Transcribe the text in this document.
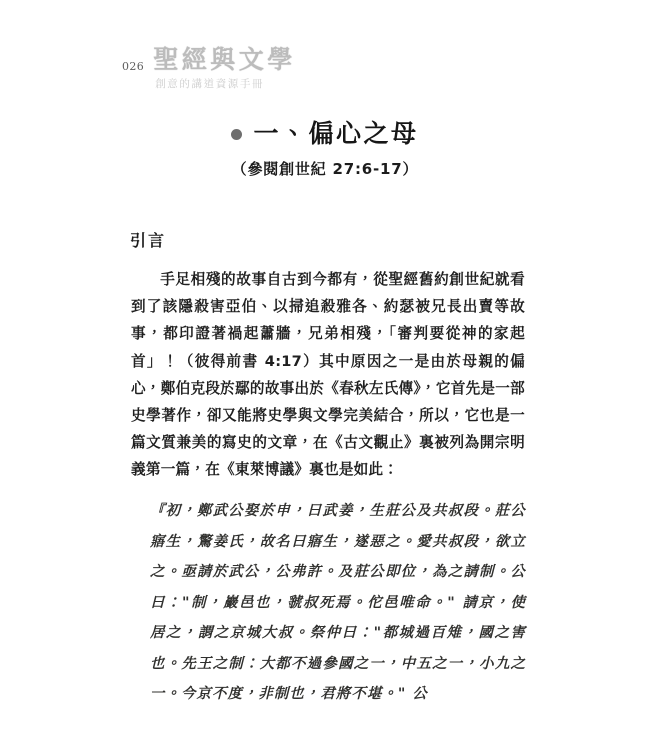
026 聖經與文學
創意的講道資源手冊
一、偏心之母
（參閱創世紀 27:6-17）
引言

手足相殘的故事自古到今都有，從聖經舊約創世紀就看到了該隱殺害亞伯、以掃追殺雅各、約瑟被兄長出賣等故事，都印證著禍起蕭牆，兄弟相殘，「審判要從神的家起首」！（彼得前書 4:17）其中原因之一是由於母親的偏心，鄭伯克段於鄢的故事出於《春秋左氏傳》，它首先是一部史學著作，卻又能將史學與文學完美結合，所以，它也是一篇文質兼美的寫史的文章，在《古文觀止》裏被列為開宗明義第一篇，在《東萊博議》裏也是如此：

『初，鄭武公娶於申，曰武姜，生莊公及共叔段。莊公寤生，驚姜氏，故名曰寤生，遂惡之。愛共叔段，欲立之。亟請於武公，公弗許。及莊公即位，為之請制。公曰："制，巖邑也，虢叔死焉。佗邑唯命。" 請京，使居之，謂之京城大叔。祭仲曰："都城過百雉，國之害也。先王之制：大都不過參國之一，中五之一，小九之一。今京不度，非制也，君將不堪。" 公
